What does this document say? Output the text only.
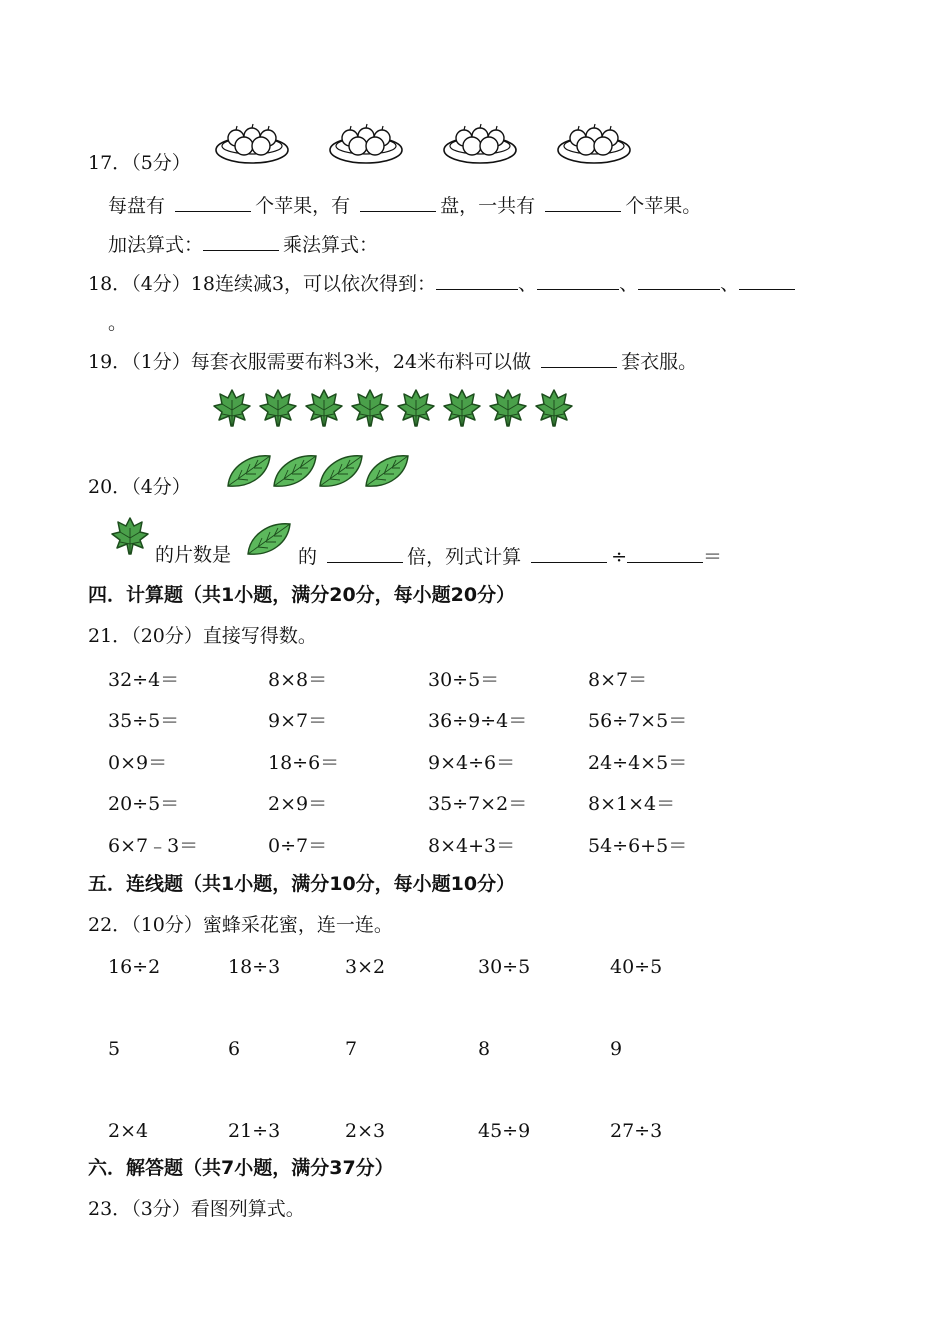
17．（5分）
每盘有	个苹果，有	盘，一共有	个苹果。
加法算式：	乘法算式：
18．（4分）18连续减3，可以依次得到：	、	、	、
。
19．（1分）每套衣服需要布料3米，24米布料可以做	套衣服。
20．（4分）
的片数是	的	倍，列式计算	÷	＝
四．计算题（共1小题，满分20分，每小题20分）
21．（20分）直接写得数。
32÷4＝	8×8＝	30÷5＝	8×7＝
35÷5＝	9×7＝	36÷9÷4＝	56÷7×5＝
0×9＝	18÷6＝	9×4÷6＝	24÷4×5＝
20÷5＝	2×9＝	35÷7×2＝	8×1×4＝
6×7﹣3＝	0÷7＝	8×4+3＝	54÷6+5＝
五．连线题（共1小题，满分10分，每小题10分）
22．（10分）蜜蜂采花蜜，连一连。
16÷2	18÷3	3×2	30÷5	40÷5
5	6	7	8	9
2×4	21÷3	2×3	45÷9	27÷3
六．解答题（共7小题，满分37分）
23．（3分）看图列算式。
